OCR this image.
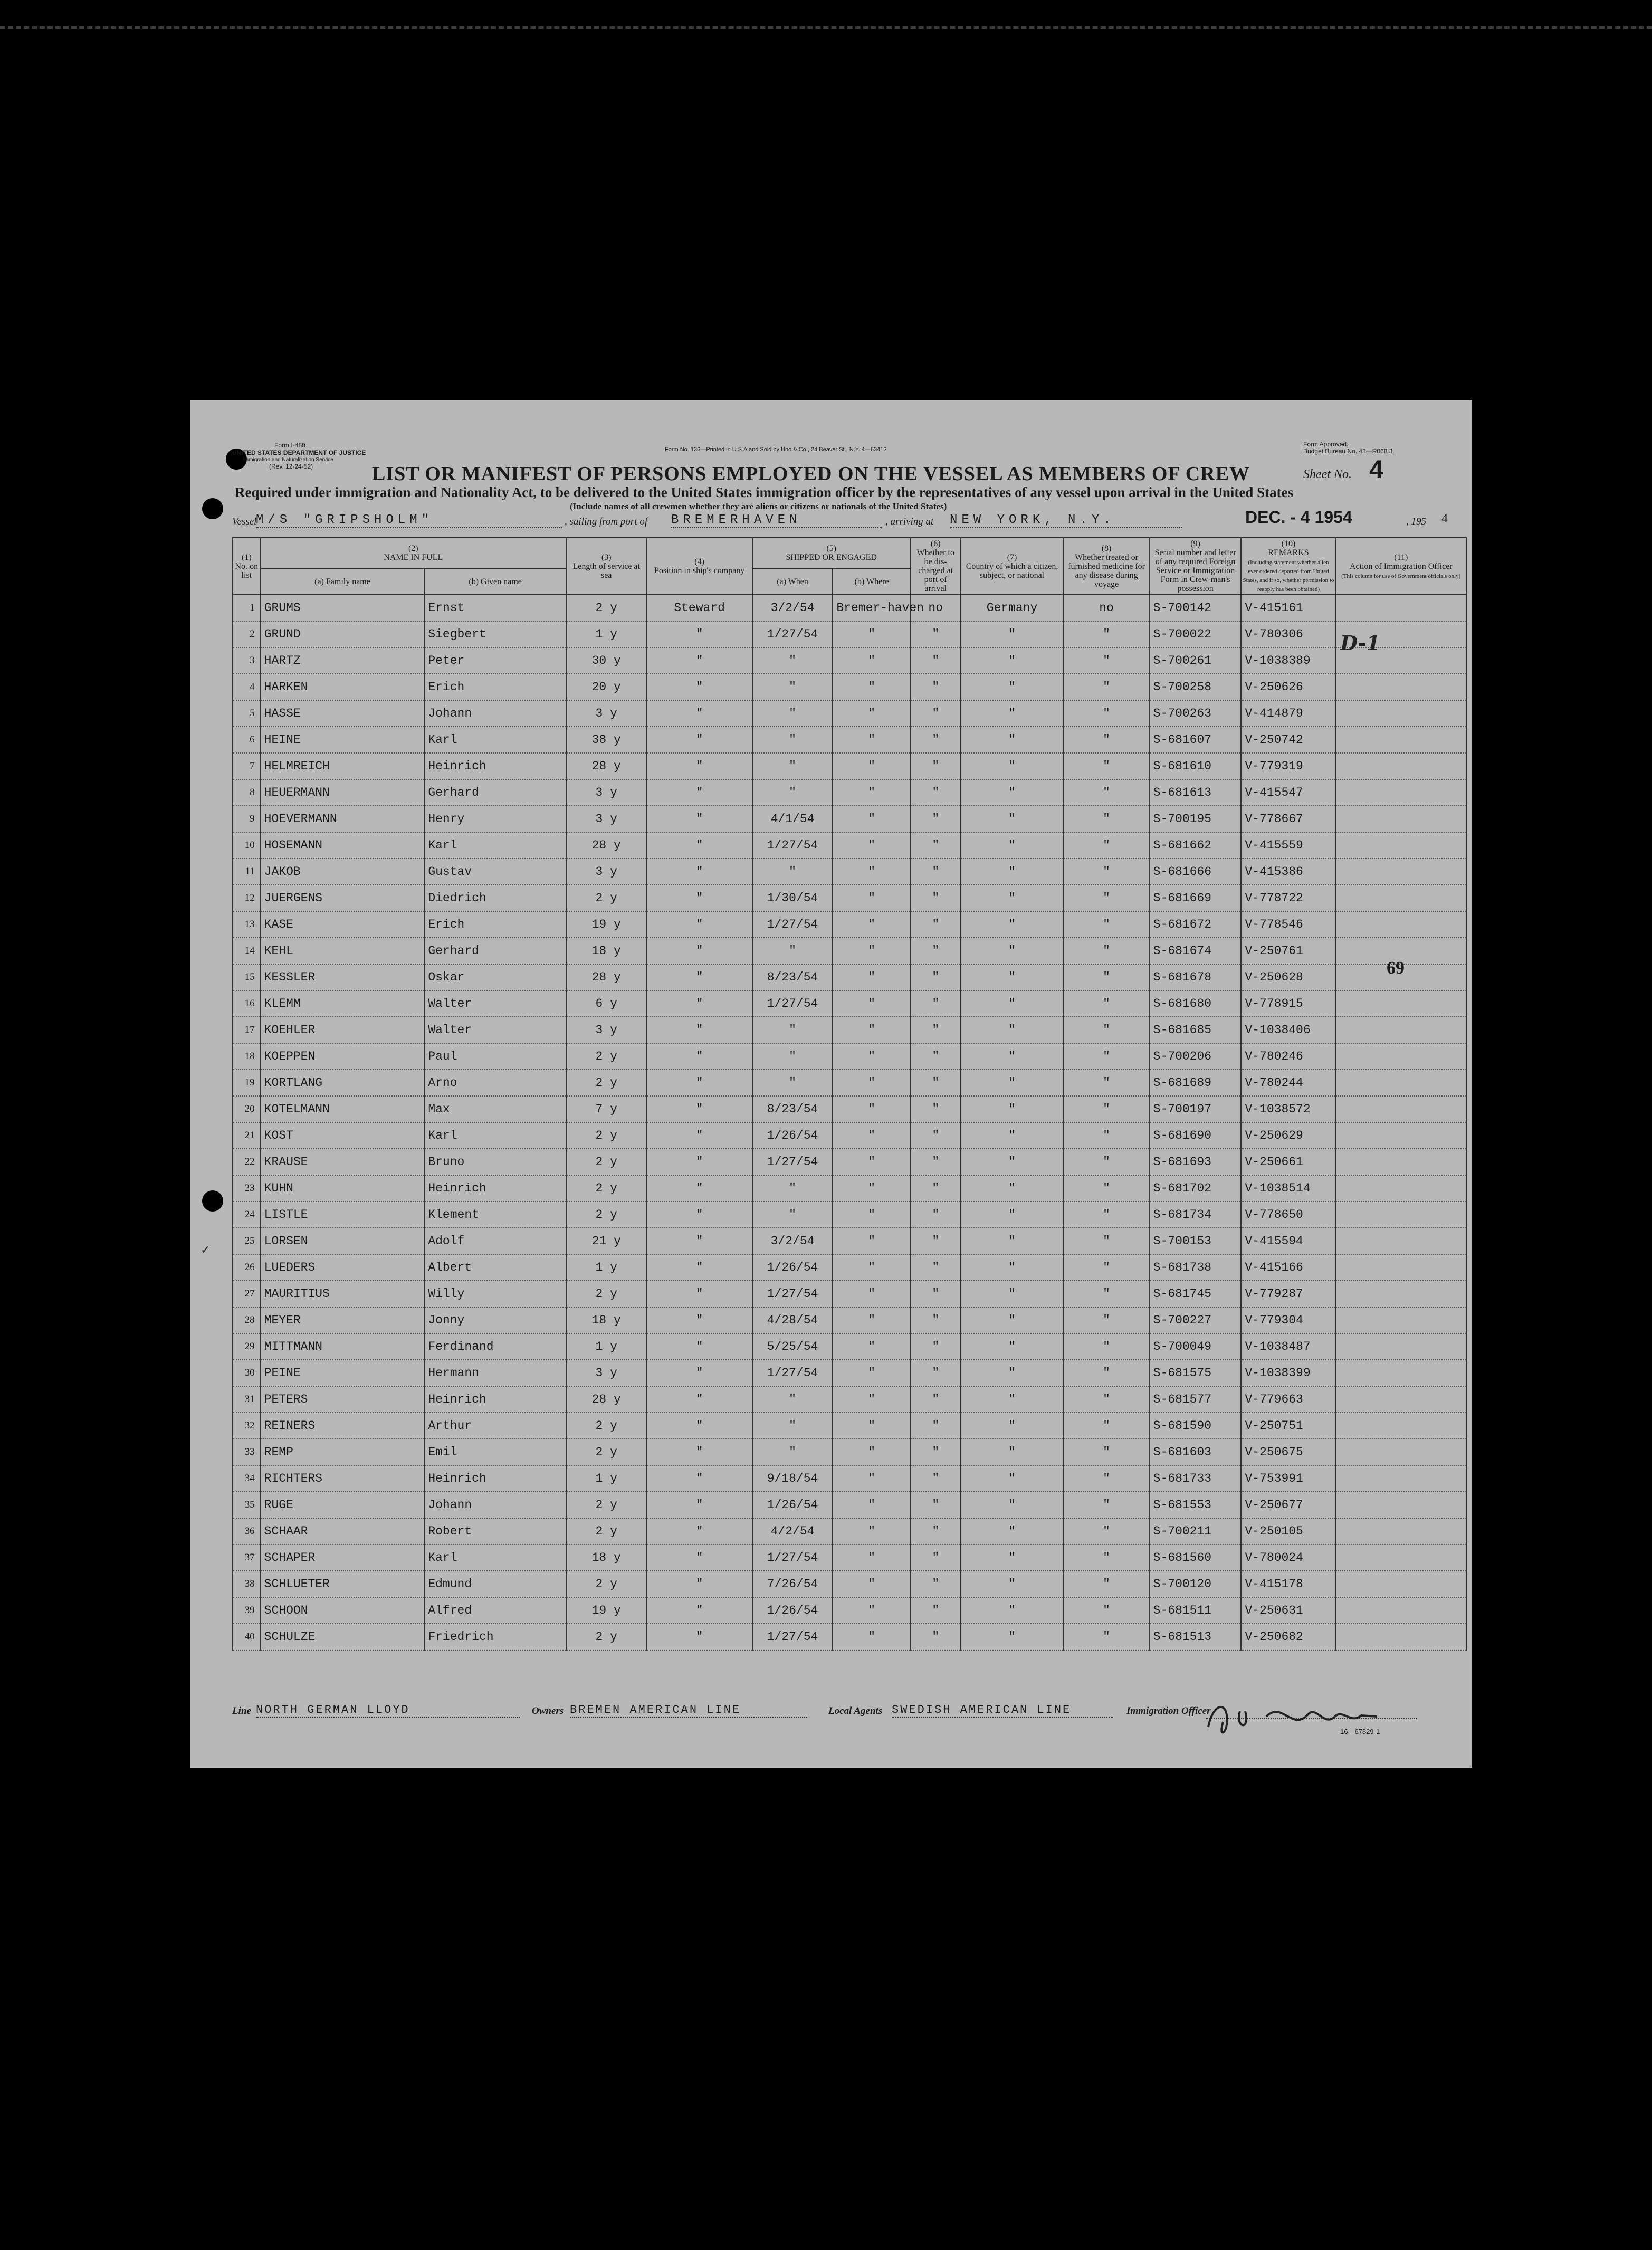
Form I-480
UNITED STATES DEPARTMENT OF JUSTICE
Immigration and Naturalization Service
(Rev. 12-24-52)
Form No. 136—Printed in U.S.A and Sold by Uno & Co., 24 Beaver St., N.Y. 4—63412
Form Approved.
Budget Bureau No. 43—R068.3.
LIST OR MANIFEST OF PERSONS EMPLOYED ON THE VESSEL AS MEMBERS OF CREW	Sheet No. 4
Required under immigration and Nationality Act, to be delivered to the United States immigration officer by the representatives of any vessel upon arrival in the United States
(Include names of all crewmen whether they are aliens or citizens or nationals of the United States)
Vessel
M/S "GRIPSHOLM"	, sailing from port of BREMERHAVEN	, arriving at NEW YORK, N.Y.	DEC. - 4 1954	, 195 4
(1)
No. on list	(2)
NAME IN FULL		(3)
Length of service at sea	(4)
Position in ship's company	(5)
SHIPPED OR ENGAGED		(6)
Whether to be dis-charged at port of arrival	(7)
Country of which a citizen, subject, or national	(8)
Whether treated or furnished medicine for any disease during voyage	(9)
Serial number and letter of any required Foreign Service or Immigration Form in Crew-man's possession	(10)
REMARKS
(Including statement whether alien ever ordered deported from United States, and if so, whether permission to reapply has been obtained)	(11)
Action of Immigration Officer
(This column for use of Government officials only)
	(a) Family name	(b) Given name			(a) When	(b) Where						
1	GRUMS	Ernst	2 y	Steward	3/2/54	Bremer-haven	no	Germany	no	S-700142	V-415161	
2	GRUND	Siegbert	1 y	"	1/27/54	"	"	"	"	S-700022	V-780306	
3	HARTZ	Peter	30 y	"	"	"	"	"	"	S-700261	V-1038389	
4	HARKEN	Erich	20 y	"	"	"	"	"	"	S-700258	V-250626	
5	HASSE	Johann	3 y	"	"	"	"	"	"	S-700263	V-414879	
6	HEINE	Karl	38 y	"	"	"	"	"	"	S-681607	V-250742	
7	HELMREICH	Heinrich	28 y	"	"	"	"	"	"	S-681610	V-779319	
8	HEUERMANN	Gerhard	3 y	"	"	"	"	"	"	S-681613	V-415547	
9	HOEVERMANN	Henry	3 y	"	4/1/54	"	"	"	"	S-700195	V-778667	
10	HOSEMANN	Karl	28 y	"	1/27/54	"	"	"	"	S-681662	V-415559	
11	JAKOB	Gustav	3 y	"	"	"	"	"	"	S-681666	V-415386	
12	JUERGENS	Diedrich	2 y	"	1/30/54	"	"	"	"	S-681669	V-778722	
13	KASE	Erich	19 y	"	1/27/54	"	"	"	"	S-681672	V-778546	
14	KEHL	Gerhard	18 y	"	"	"	"	"	"	S-681674	V-250761	
15	KESSLER	Oskar	28 y	"	8/23/54	"	"	"	"	S-681678	V-250628	
16	KLEMM	Walter	6 y	"	1/27/54	"	"	"	"	S-681680	V-778915	
17	KOEHLER	Walter	3 y	"	"	"	"	"	"	S-681685	V-1038406	
18	KOEPPEN	Paul	2 y	"	"	"	"	"	"	S-700206	V-780246	
19	KORTLANG	Arno	2 y	"	"	"	"	"	"	S-681689	V-780244	
20	KOTELMANN	Max	7 y	"	8/23/54	"	"	"	"	S-700197	V-1038572	
21	KOST	Karl	2 y	"	1/26/54	"	"	"	"	S-681690	V-250629	
22	KRAUSE	Bruno	2 y	"	1/27/54	"	"	"	"	S-681693	V-250661	
23	KUHN	Heinrich	2 y	"	"	"	"	"	"	S-681702	V-1038514	
24	LISTLE	Klement	2 y	"	"	"	"	"	"	S-681734	V-778650	
25	LORSEN	Adolf	21 y	"	3/2/54	"	"	"	"	S-700153	V-415594	
26	LUEDERS	Albert	1 y	"	1/26/54	"	"	"	"	S-681738	V-415166	
27	MAURITIUS	Willy	2 y	"	1/27/54	"	"	"	"	S-681745	V-779287	
28	MEYER	Jonny	18 y	"	4/28/54	"	"	"	"	S-700227	V-779304	
29	MITTMANN	Ferdinand	1 y	"	5/25/54	"	"	"	"	S-700049	V-1038487	
30	PEINE	Hermann	3 y	"	1/27/54	"	"	"	"	S-681575	V-1038399	
31	PETERS	Heinrich	28 y	"	"	"	"	"	"	S-681577	V-779663	
32	REINERS	Arthur	2 y	"	"	"	"	"	"	S-681590	V-250751	
33	REMP	Emil	2 y	"	"	"	"	"	"	S-681603	V-250675	
34	RICHTERS	Heinrich	1 y	"	9/18/54	"	"	"	"	S-681733	V-753991	
35	RUGE	Johann	2 y	"	1/26/54	"	"	"	"	S-681553	V-250677	
36	SCHAAR	Robert	2 y	"	4/2/54	"	"	"	"	S-700211	V-250105	
37	SCHAPER	Karl	18 y	"	1/27/54	"	"	"	"	S-681560	V-780024	
38	SCHLUETER	Edmund	2 y	"	7/26/54	"	"	"	"	S-700120	V-415178	
39	SCHOON	Alfred	19 y	"	1/26/54	"	"	"	"	S-681511	V-250631	
40	SCHULZE	Friedrich	2 y	"	1/27/54	"	"	"	"	S-681513	V-250682	
D-1
69
✓
Line NORTH GERMAN LLOYD	Owners BREMEN AMERICAN LINE	Local Agents SWEDISH AMERICAN LINE	Immigration Officer
16—67829-1
